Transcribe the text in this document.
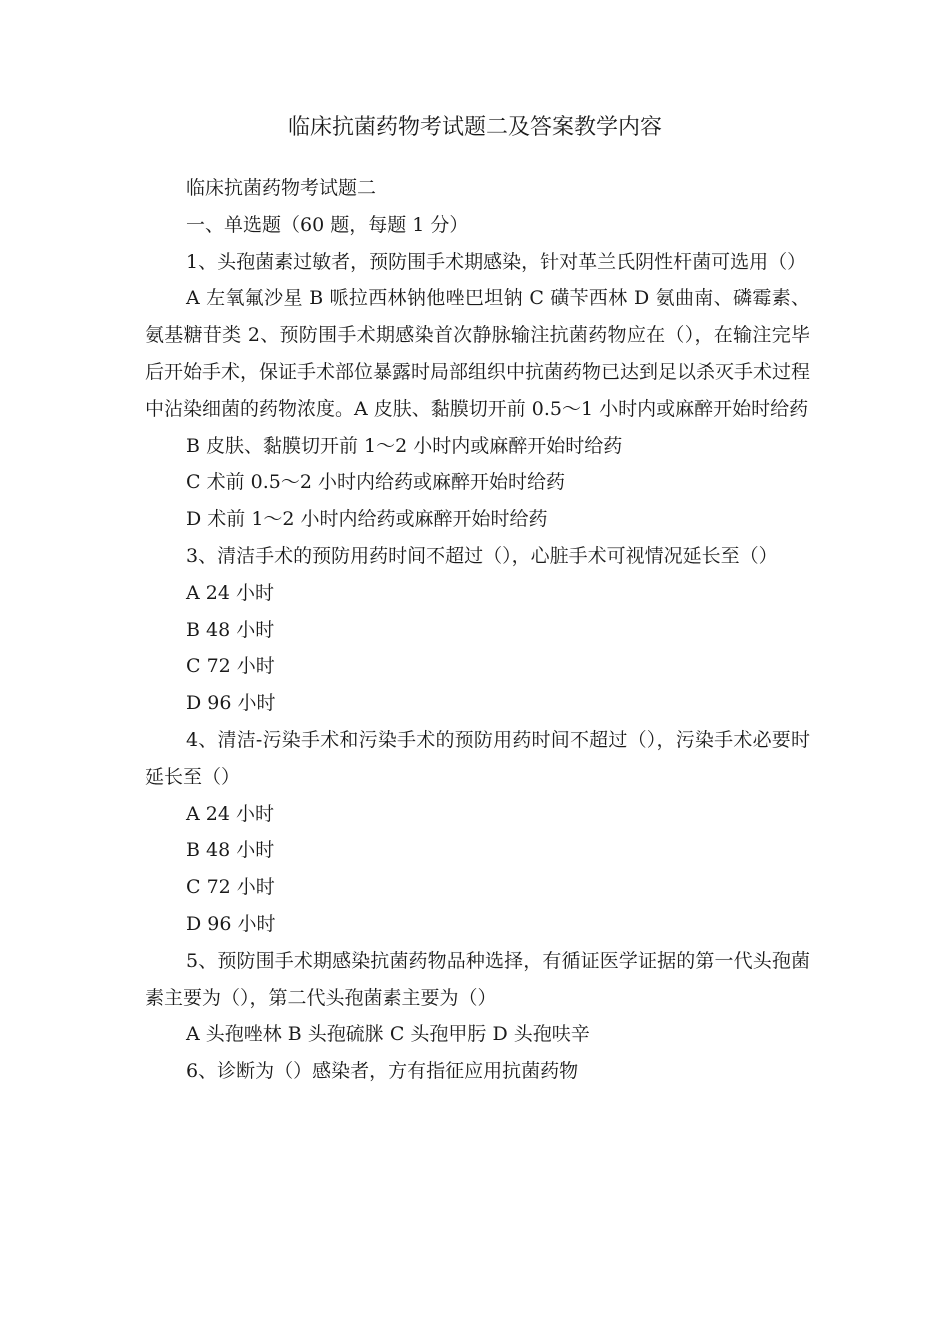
临床抗菌药物考试题二及答案教学内容

临床抗菌药物考试题二

一、单选题（60 题，每题 1 分）

1、头孢菌素过敏者，预防围手术期感染，针对革兰氏阴性杆菌可选用（）

A 左氧氟沙星 B 哌拉西林钠他唑巴坦钠 C 磺苄西林 D 氨曲南、磷霉素、氨基糖苷类 2、预防围手术期感染首次静脉输注抗菌药物应在（），在输注完毕后开始手术，保证手术部位暴露时局部组织中抗菌药物已达到足以杀灭手术过程中沾染细菌的药物浓度。A 皮肤、黏膜切开前 0.5～1 小时内或麻醉开始时给药

B 皮肤、黏膜切开前 1～2 小时内或麻醉开始时给药

C 术前 0.5～2 小时内给药或麻醉开始时给药

D 术前 1～2 小时内给药或麻醉开始时给药

3、清洁手术的预防用药时间不超过（），心脏手术可视情况延长至（）

A 24 小时

B 48 小时

C 72 小时

D 96 小时

4、清洁-污染手术和污染手术的预防用药时间不超过（），污染手术必要时延长至（）

A 24 小时

B 48 小时

C 72 小时

D 96 小时

5、预防围手术期感染抗菌药物品种选择，有循证医学证据的第一代头孢菌素主要为（），第二代头孢菌素主要为（）

A 头孢唑林 B 头孢硫脒 C 头孢甲肟 D 头孢呋辛

6、诊断为（）感染者，方有指征应用抗菌药物
